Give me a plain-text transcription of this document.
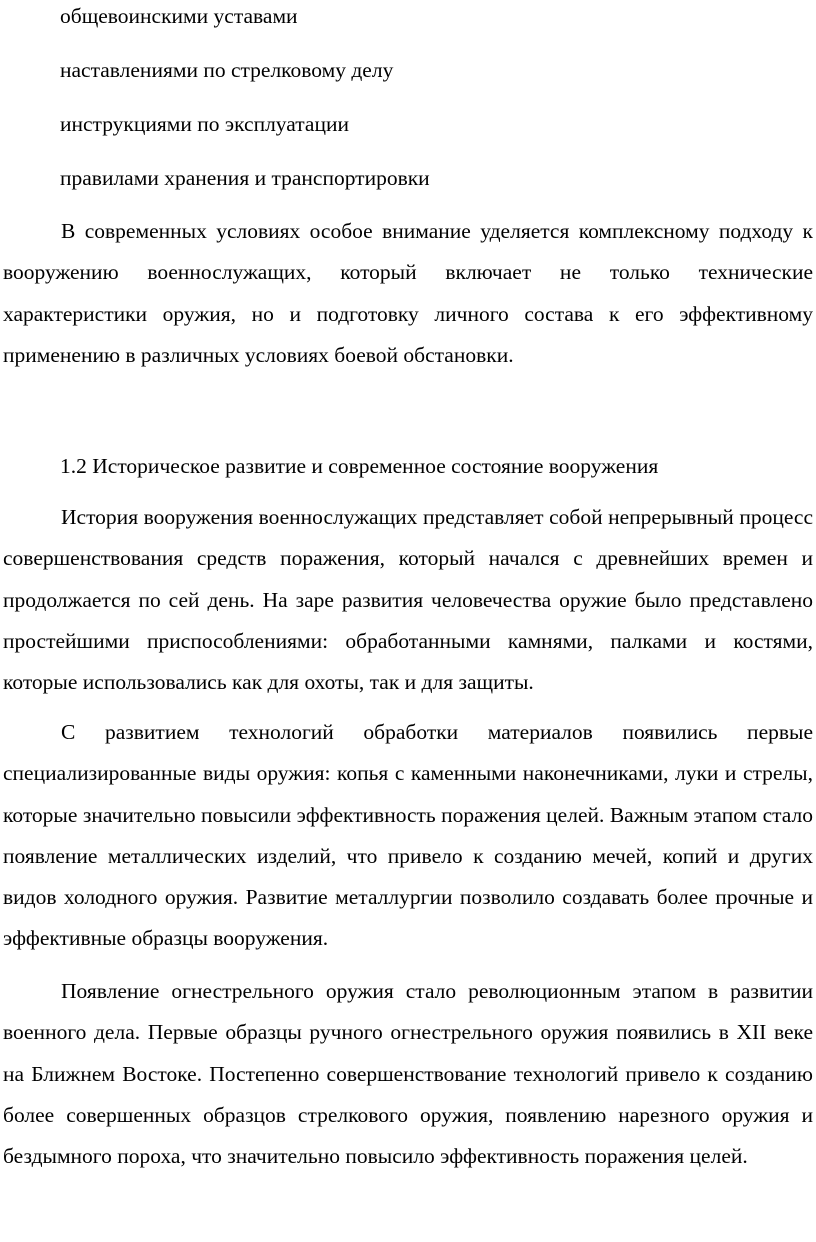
общевоинскими уставами
наставлениями по стрелковому делу
инструкциями по эксплуатации
правилами хранения и транспортировки

В современных условиях особое внимание уделяется комплексному подходу к вооружению военнослужащих, который включает не только технические характеристики оружия, но и подготовку личного состава к его эффективному применению в различных условиях боевой обстановки.

1.2 Историческое развитие и современное состояние вооружения

История вооружения военнослужащих представляет собой непрерывный процесс совершенствования средств поражения, который начался с древнейших времен и продолжается по сей день. На заре развития человечества оружие было представлено простейшими приспособлениями: обработанными камнями, палками и костями, которые использовались как для охоты, так и для защиты.

С развитием технологий обработки материалов появились первые специализированные виды оружия: копья с каменными наконечниками, луки и стрелы, которые значительно повысили эффективность поражения целей. Важным этапом стало появление металлических изделий, что привело к созданию мечей, копий и других видов холодного оружия. Развитие металлургии позволило создавать более прочные и эффективные образцы вооружения.

Появление огнестрельного оружия стало революционным этапом в развитии военного дела. Первые образцы ручного огнестрельного оружия появились в XII веке на Ближнем Востоке. Постепенно совершенствование технологий привело к созданию более совершенных образцов стрелкового оружия, появлению нарезного оружия и бездымного пороха, что значительно повысило эффективность поражения целей.
